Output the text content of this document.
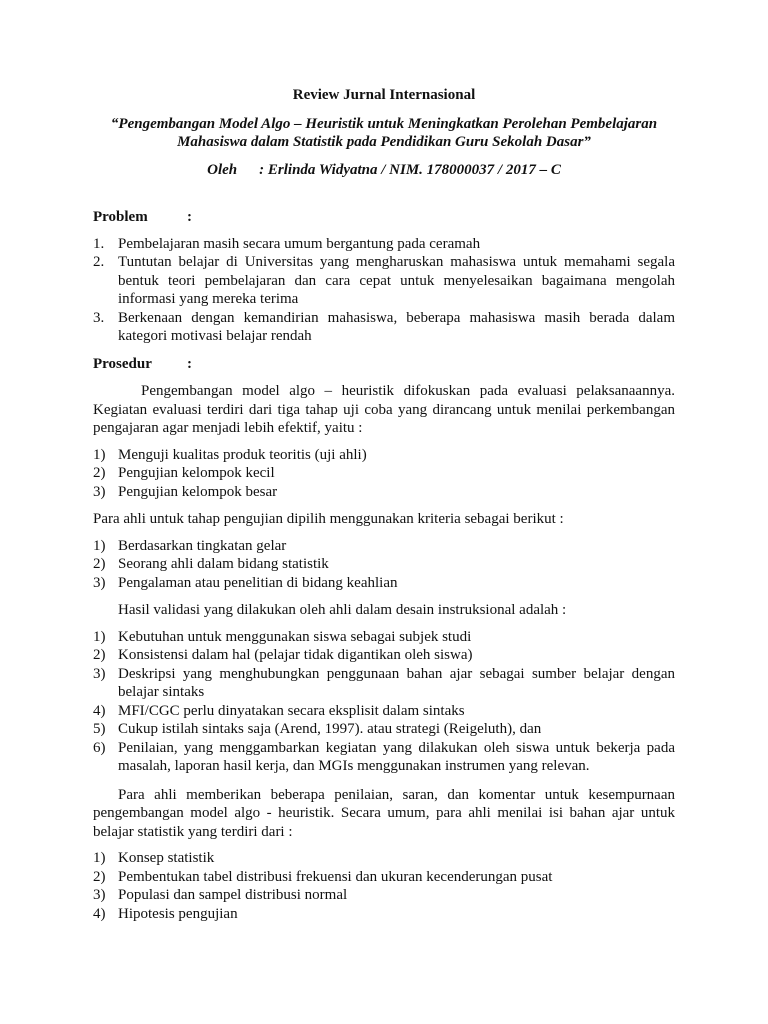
Review Jurnal Internasional
“Pengembangan Model Algo – Heuristik untuk Meningkatkan Perolehan Pembelajaran
Mahasiswa dalam Statistik pada Pendidikan Guru Sekolah Dasar”
Oleh : Erlinda Widyatna / NIM. 178000037 / 2017 – C
Problem	:
1. Pembelajaran masih secara umum bergantung pada ceramah
2. Tuntutan belajar di Universitas yang mengharuskan mahasiswa untuk memahami segala bentuk teori pembelajaran dan cara cepat untuk menyelesaikan bagaimana mengolah informasi yang mereka terima
3. Berkenaan dengan kemandirian mahasiswa, beberapa mahasiswa masih berada dalam kategori motivasi belajar rendah
Prosedur :

Pengembangan model algo – heuristik difokuskan pada evaluasi pelaksanaannya. Kegiatan evaluasi terdiri dari tiga tahap uji coba yang dirancang untuk menilai perkembangan pengajaran agar menjadi lebih efektif, yaitu :

1) Menguji kualitas produk teoritis (uji ahli)
2) Pengujian kelompok kecil
3) Pengujian kelompok besar

Para ahli untuk tahap pengujian dipilih menggunakan kriteria sebagai berikut :

1) Berdasarkan tingkatan gelar
2) Seorang ahli dalam bidang statistik
3) Pengalaman atau penelitian di bidang keahlian

Hasil validasi yang dilakukan oleh ahli dalam desain instruksional adalah :

1) Kebutuhan untuk menggunakan siswa sebagai subjek studi
2) Konsistensi dalam hal (pelajar tidak digantikan oleh siswa)
3) Deskripsi yang menghubungkan penggunaan bahan ajar sebagai sumber belajar dengan belajar sintaks
4) MFI/CGC perlu dinyatakan secara eksplisit dalam sintaks
5) Cukup istilah sintaks saja (Arend, 1997). atau strategi (Reigeluth), dan
6) Penilaian, yang menggambarkan kegiatan yang dilakukan oleh siswa untuk bekerja pada masalah, laporan hasil kerja, dan MGIs menggunakan instrumen yang relevan.

Para ahli memberikan beberapa penilaian, saran, dan komentar untuk kesempurnaan pengembangan model algo - heuristik. Secara umum, para ahli menilai isi bahan ajar untuk belajar statistik yang terdiri dari :

1) Konsep statistik
2) Pembentukan tabel distribusi frekuensi dan ukuran kecenderungan pusat
3) Populasi dan sampel distribusi normal
4) Hipotesis pengujian
